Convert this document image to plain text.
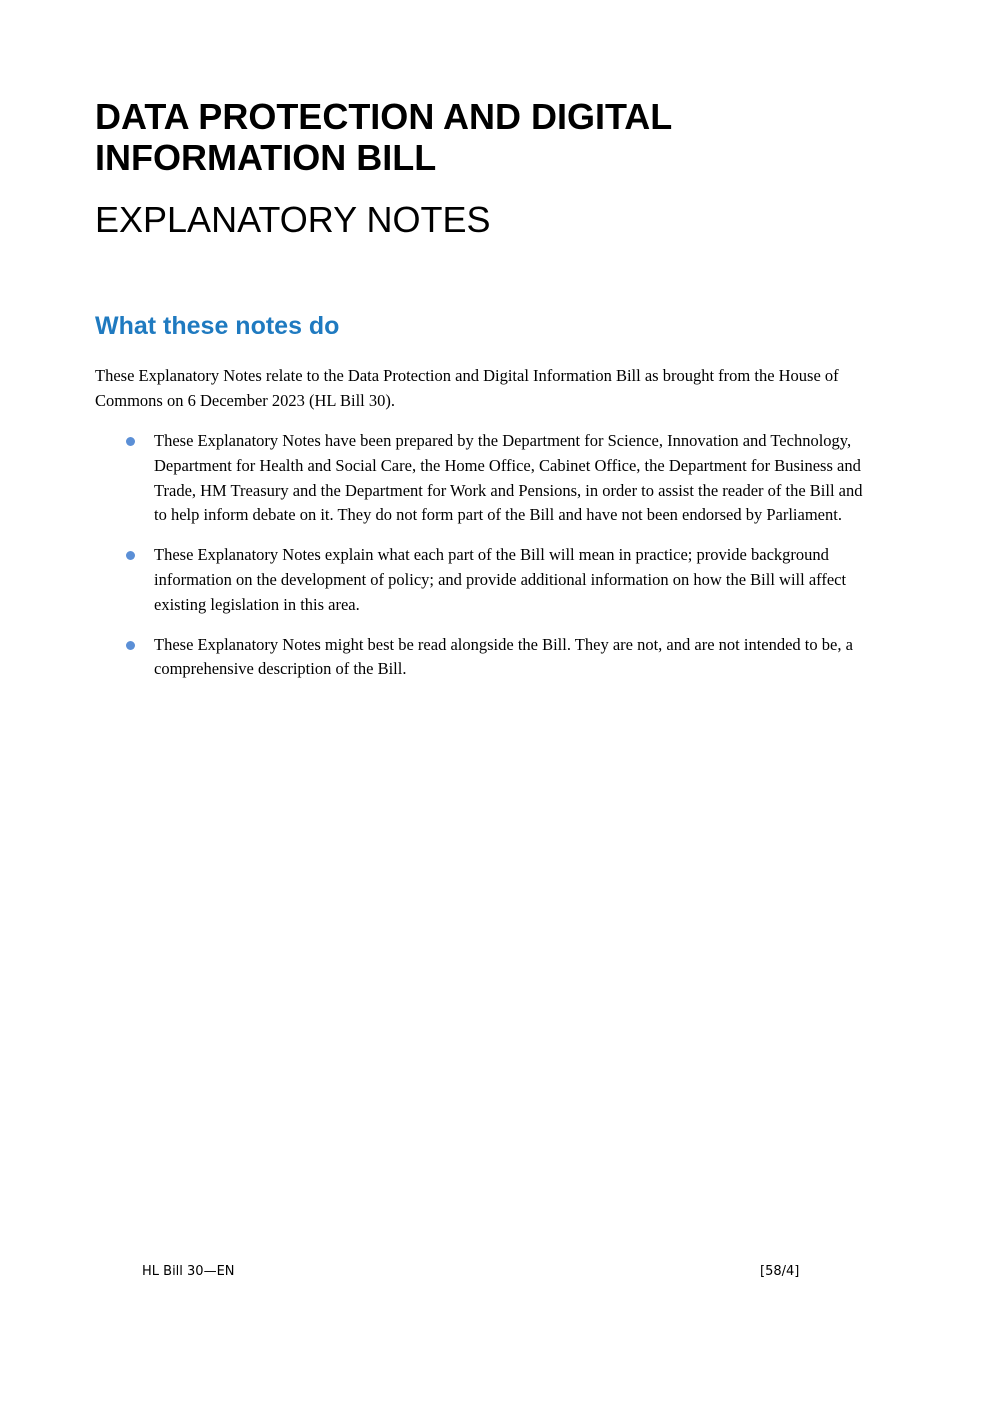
DATA PROTECTION AND DIGITAL INFORMATION BILL
EXPLANATORY NOTES
What these notes do

These Explanatory Notes relate to the Data Protection and Digital Information Bill as brought from the House of Commons on 6 December 2023 (HL Bill 30).

These Explanatory Notes have been prepared by the Department for Science, Innovation and Technology, Department for Health and Social Care, the Home Office, Cabinet Office, the Department for Business and Trade, HM Treasury and the Department for Work and Pensions, in order to assist the reader of the Bill and to help inform debate on it. They do not form part of the Bill and have not been endorsed by Parliament.
These Explanatory Notes explain what each part of the Bill will mean in practice; provide background information on the development of policy; and provide additional information on how the Bill will affect existing legislation in this area.
These Explanatory Notes might best be read alongside the Bill. They are not, and are not intended to be, a comprehensive description of the Bill.

HL Bill 30—EN	[58/4]
